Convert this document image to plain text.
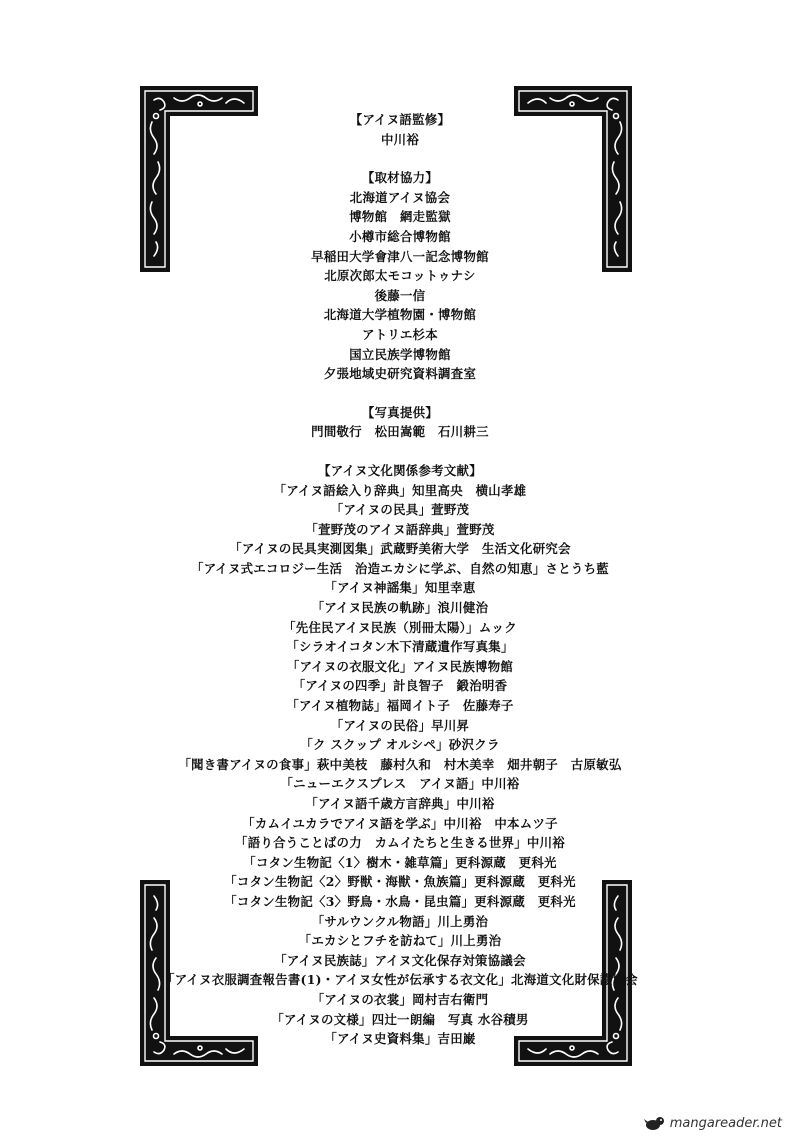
【アイヌ語監修】
中川裕
【取材協力】
北海道アイヌ協会
博物館　網走監獄
小樽市総合博物館
早稲田大学會津八一記念博物館
北原次郎太モコットゥナシ
後藤一信
北海道大学植物園・博物館
アトリエ杉本
国立民族学博物館
夕張地域史研究資料調査室
【写真提供】
門間敬行　松田嵩範　石川耕三
【アイヌ文化関係参考文献】
「アイヌ語絵入り辞典」知里高央　横山孝雄
「アイヌの民具」萱野茂
「萱野茂のアイヌ語辞典」萱野茂
「アイヌの民具実測図集」武蔵野美術大学　生活文化研究会
「アイヌ式エコロジー生活　治造エカシに学ぶ、自然の知恵」さとうち藍
「アイヌ神謡集」知里幸恵
「アイヌ民族の軌跡」浪川健治
「先住民アイヌ民族（別冊太陽）」ムック
「シラオイコタン木下清蔵遺作写真集」
「アイヌの衣服文化」アイヌ民族博物館
「アイヌの四季」計良智子　鍛治明香
「アイヌ植物誌」福岡イト子　佐藤寿子
「アイヌの民俗」早川昇
「ク スクップ オルシペ」砂沢クラ
「聞き書アイヌの食事」萩中美枝　藤村久和　村木美幸　畑井朝子　古原敏弘
「ニューエクスプレス　アイヌ語」中川裕
「アイヌ語千歳方言辞典」中川裕
「カムイユカラでアイヌ語を学ぶ」中川裕　中本ムツ子
「語り合うことばの力　カムイたちと生きる世界」中川裕
「コタン生物記〈1〉樹木・雑草篇」更科源蔵　更科光
「コタン生物記〈2〉野獣・海獣・魚族篇」更科源蔵　更科光
「コタン生物記〈3〉野鳥・水鳥・昆虫篇」更科源蔵　更科光
「サルウンクル物語」川上勇治
「エカシとフチを訪ねて」川上勇治
「アイヌ民族誌」アイヌ文化保存対策協議会
「アイヌ衣服調査報告書(1)・アイヌ女性が伝承する衣文化」北海道文化財保護協会
「アイヌの衣裳」岡村吉右衛門
「アイヌの文様」四辻一朗編　写真 水谷積男
「アイヌ史資料集」吉田巌
mangareader.net
